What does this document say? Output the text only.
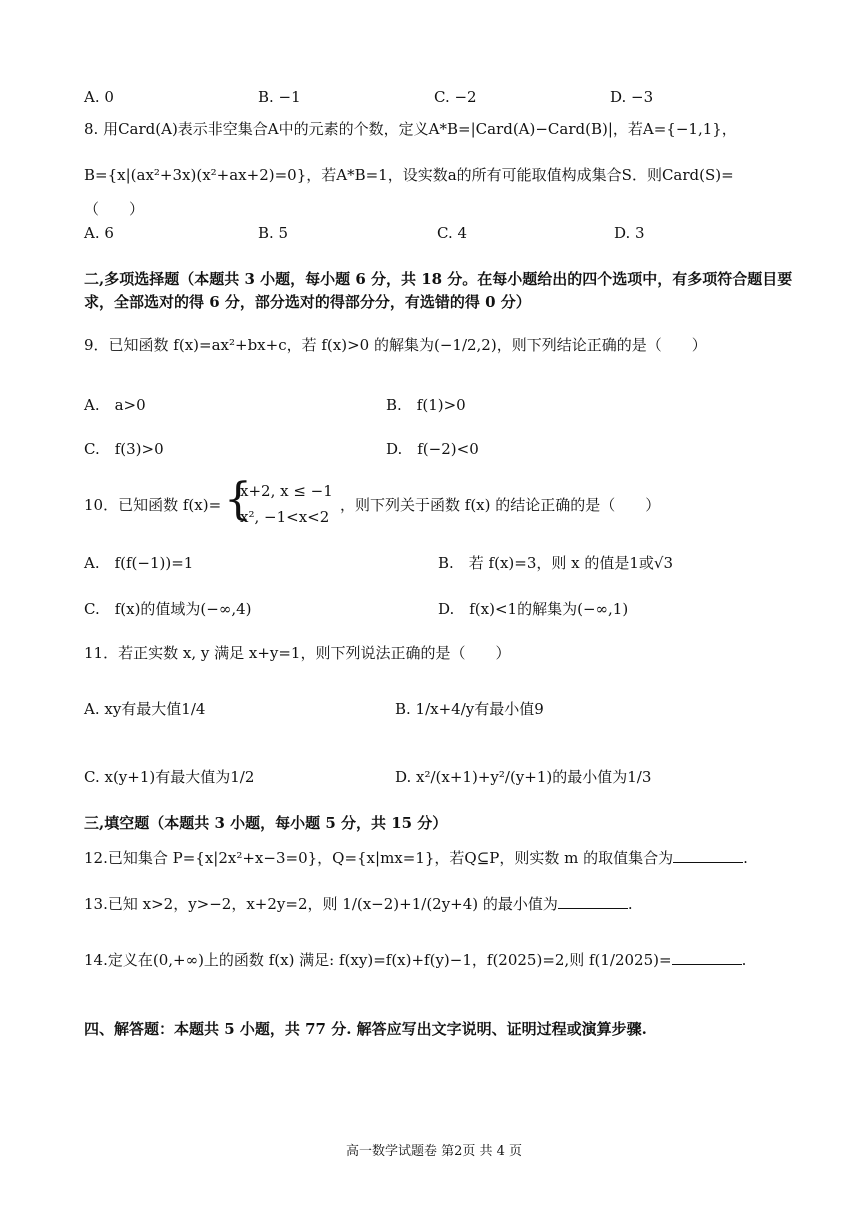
A. 0	B. −1	C. −2	D. −3
8. 用Card(A)表示非空集合A中的元素的个数，定义A*B=|Card(A)−Card(B)|，若A={−1,1}，
B={x|(ax²+3x)(x²+ax+2)=0}，若A*B=1，设实数a的所有可能取值构成集合S．则Card(S)=
（　　）
A. 6	B. 5	C. 4	D. 3
二,多项选择题（本题共 3 小题，每小题 6 分，共 18 分。在每小题给出的四个选项中，有多项符合题目要
求，全部选对的得 6 分，部分选对的得部分分，有选错的得 0 分）
9．已知函数 f(x)=ax²+bx+c，若 f(x)>0 的解集为(−1/2,2)，则下列结论正确的是（　　）
A.　a>0	B.　f(1)>0
C.　f(3)>0	D.　f(−2)<0
10．已知函数 f(x)= {
x+2, x ≤ −1
x², −1<x<2
，则下列关于函数 f(x) 的结论正确的是（　　）
A.　f(f(−1))=1	B.　若 f(x)=3，则 x 的值是1或√3
C.　f(x)的值域为(−∞,4)	D.　f(x)<1的解集为(−∞,1)
11．若正实数 x, y 满足 x+y=1，则下列说法正确的是（　　）
A. xy有最大值1/4	B. 1/x+4/y有最小值9
C. x(y+1)有最大值为1/2	D. x²/(x+1)+y²/(y+1)的最小值为1/3
三,填空题（本题共 3 小题，每小题 5 分，共 15 分）
12.已知集合 P={x|2x²+x−3=0}，Q={x|mx=1}，若Q⊆P，则实数 m 的取值集合为	.
13.已知 x>2，y>−2，x+2y=2，则 1/(x−2)+1/(2y+4) 的最小值为	.
14.定义在(0,+∞)上的函数 f(x) 满足: f(xy)=f(x)+f(y)−1，f(2025)=2,则 f(1/2025)=	.
四、解答题：本题共 5 小题，共 77 分. 解答应写出文字说明、证明过程或演算步骤.
高一数学试题卷 第2页 共 4 页
